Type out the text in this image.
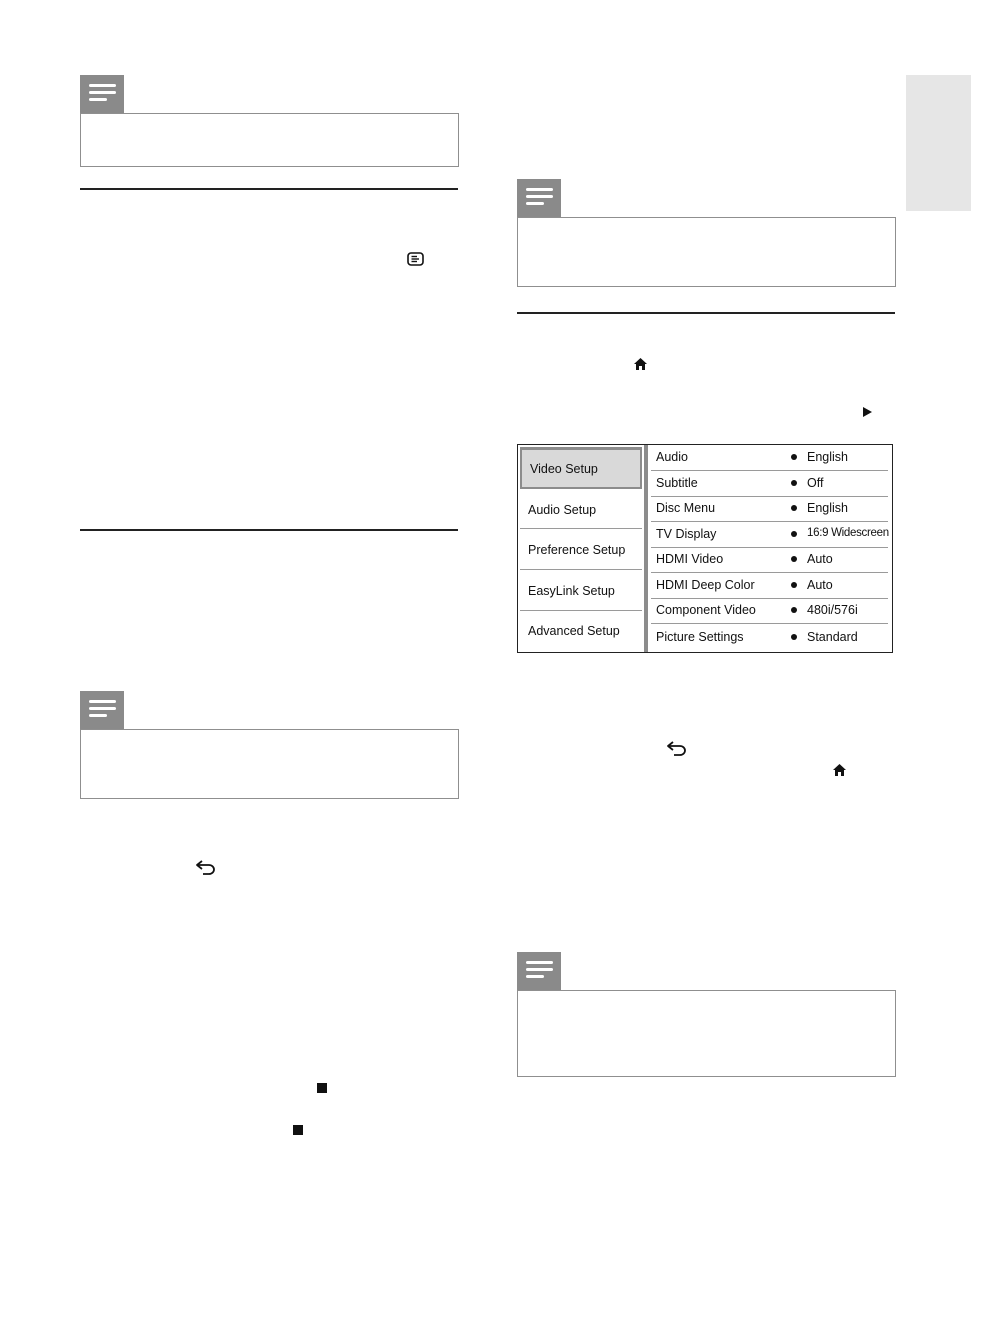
Video Setup
Audio Setup
Preference Setup
EasyLink Setup
Advanced Setup
Audio	English
Subtitle	Off
Disc Menu	English
TV Display	16:9 Widescreen
HDMI Video	Auto
HDMI Deep Color	Auto
Component Video	480i/576i
Picture Settings	Standard
